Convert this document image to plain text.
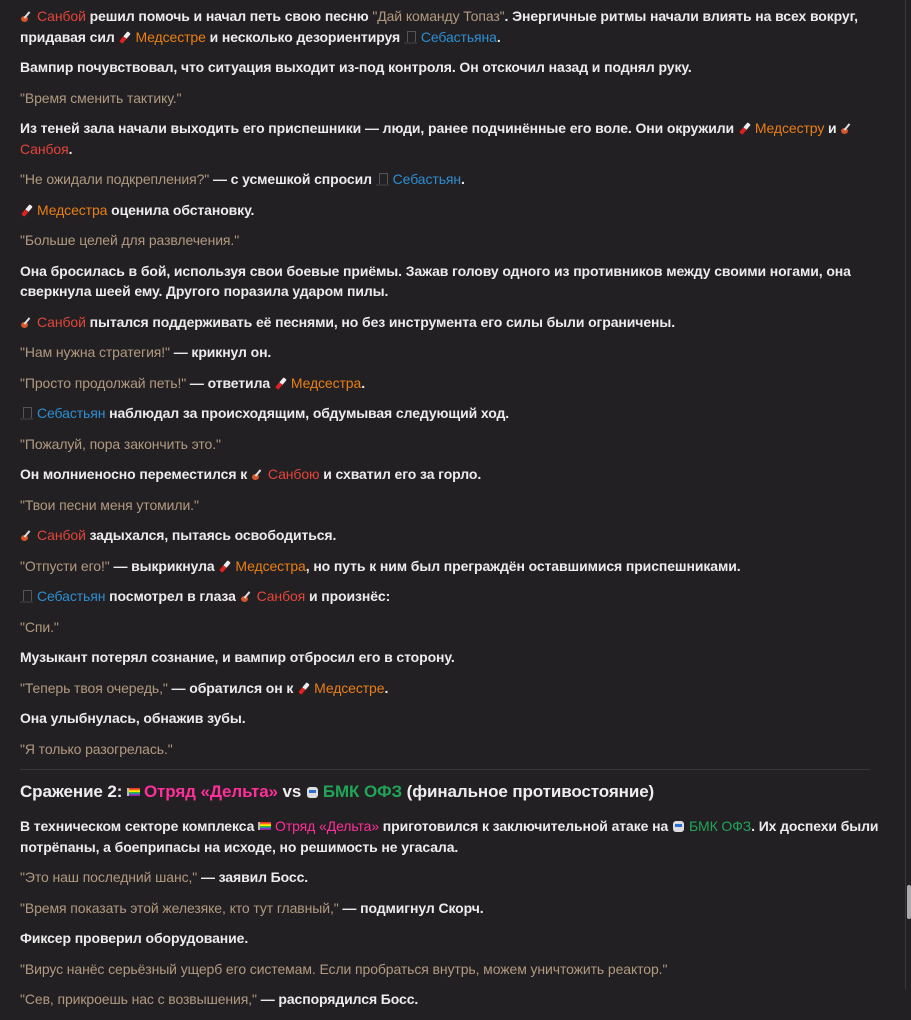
Санбой решил помочь и начал петь свою песню "Дай команду Топаз". Энергичные ритмы начали влиять на всех вокруг, придавая сил Медсестре и несколько дезориентируя Себастьяна.
Вампир почувствовал, что ситуация выходит из-под контроля. Он отскочил назад и поднял руку.
"Время сменить тактику."
Из теней зала начали выходить его приспешники — люди, ранее подчинённые его воле. Они окружили Медсестру и Санбоя.
"Не ожидали подкрепления?" — с усмешкой спросил Себастьян.
Медсестра оценила обстановку.
"Больше целей для развлечения."
Она бросилась в бой, используя свои боевые приёмы. Зажав голову одного из противников между своими ногами, она сверкнула шеей ему. Другого поразила ударом пилы.
Санбой пытался поддерживать её песнями, но без инструмента его силы были ограничены.
"Нам нужна стратегия!" — крикнул он.
"Просто продолжай петь!" — ответила Медсестра.
Себастьян наблюдал за происходящим, обдумывая следующий ход.
"Пожалуй, пора закончить это."
Он молниеносно переместился к Санбою и схватил его за горло.
"Твои песни меня утомили."
Санбой задыхался, пытаясь освободиться.
"Отпусти его!" — выкрикнула Медсестра, но путь к ним был преграждён оставшимися приспешниками.
Себастьян посмотрел в глаза Санбоя и произнёс:
"Спи."
Музыкант потерял сознание, и вампир отбросил его в сторону.
"Теперь твоя очередь," — обратился он к Медсестре.
Она улыбнулась, обнажив зубы.
"Я только разогрелась."
Сражение 2: Отряд «Дельта» vs БМК ОФЗ (финальное противостояние)
В техническом секторе комплекса Отряд «Дельта» приготовился к заключительной атаке на БМК ОФЗ. Их доспехи были потрёпаны, а боеприпасы на исходе, но решимость не угасала.
"Это наш последний шанс," — заявил Босс.
"Время показать этой железяке, кто тут главный," — подмигнул Скорч.
Фиксер проверил оборудование.
"Вирус нанёс серьёзный ущерб его системам. Если пробраться внутрь, можем уничтожить реактор."
"Сев, прикроешь нас с возвышения," — распорядился Босс.
